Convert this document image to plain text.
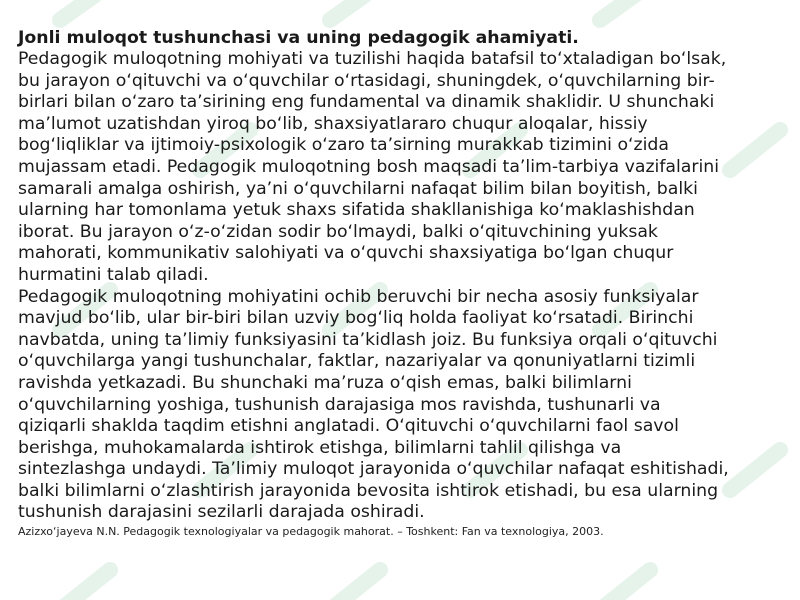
Jonli muloqot tushunchasi va uning pedagogik ahamiyati.

Pedagogik muloqotning mohiyati va tuzilishi haqida batafsil to‘xtaladigan bo‘lsak,
bu jarayon o‘qituvchi va o‘quvchilar o‘rtasidagi, shuningdek, o‘quvchilarning bir-
birlari bilan o‘zaro ta’sirining eng fundamental va dinamik shaklidir. U shunchaki
ma’lumot uzatishdan yiroq bo‘lib, shaxsiyatlararo chuqur aloqalar, hissiy
bog‘liqliklar va ijtimoiy-psixologik o‘zaro ta’sirning murakkab tizimini o‘zida
mujassam etadi. Pedagogik muloqotning bosh maqsadi ta’lim-tarbiya vazifalarini
samarali amalga oshirish, ya’ni o‘quvchilarni nafaqat bilim bilan boyitish, balki
ularning har tomonlama yetuk shaxs sifatida shakllanishiga ko‘maklashishdan
iborat. Bu jarayon o‘z-o‘zidan sodir bo‘lmaydi, balki o‘qituvchining yuksak
mahorati, kommunikativ salohiyati va o‘quvchi shaxsiyatiga bo‘lgan chuqur
hurmatini talab qiladi.

Pedagogik muloqotning mohiyatini ochib beruvchi bir necha asosiy funksiyalar
mavjud bo‘lib, ular bir-biri bilan uzviy bog‘liq holda faoliyat ko‘rsatadi. Birinchi
navbatda, uning ta’limiy funksiyasini ta’kidlash joiz. Bu funksiya orqali o‘qituvchi
o‘quvchilarga yangi tushunchalar, faktlar, nazariyalar va qonuniyatlarni tizimli
ravishda yetkazadi. Bu shunchaki ma’ruza o‘qish emas, balki bilimlarni
o‘quvchilarning yoshiga, tushunish darajasiga mos ravishda, tushunarli va
qiziqarli shaklda taqdim etishni anglatadi. O‘qituvchi o‘quvchilarni faol savol
berishga, muhokamalarda ishtirok etishga, bilimlarni tahlil qilishga va
sintezlashga undaydi. Ta’limiy muloqot jarayonida o‘quvchilar nafaqat eshitishadi,
balki bilimlarni o‘zlashtirish jarayonida bevosita ishtirok etishadi, bu esa ularning
tushunish darajasini sezilarli darajada oshiradi.

Azizxo‘jayeva N.N. Pedagogik texnologiyalar va pedagogik mahorat. – Toshkent: Fan va texnologiya, 2003.
